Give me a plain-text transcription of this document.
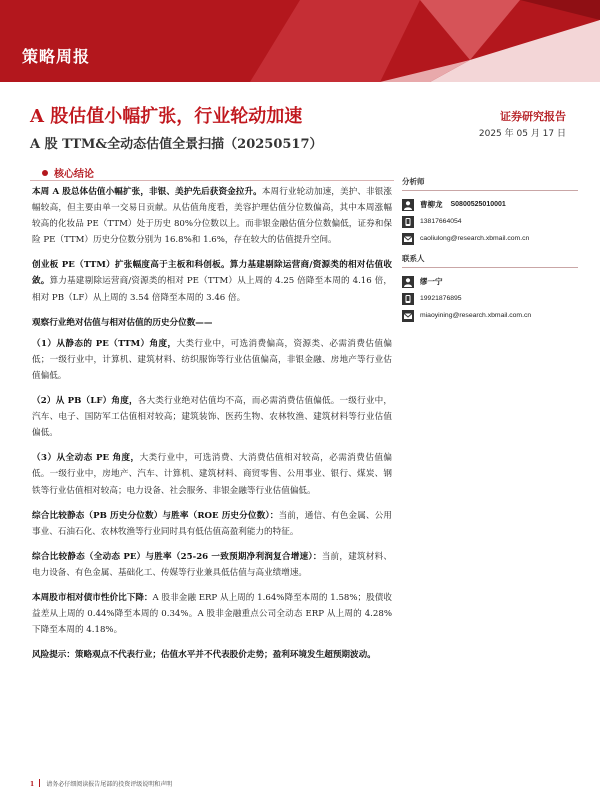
策略周报
A 股估值小幅扩张，行业轮动加速
A 股 TTM&全动态估值全景扫描（20250517）
证券研究报告
2025 年 05 月 17 日
核心结论

本周 A 股总体估值小幅扩张，非银、美护先后获资金拉升。本周行业轮动加速，美护、非银涨幅较高，但主要由单一交易日贡献。从估值角度看，美容护理估值分位数偏高，其中本周涨幅较高的化妆品 PE（TTM）处于历史 80%分位数以上。而非银金融估值分位数偏低，证券和保险 PE（TTM）历史分位数分别为 16.8%和 1.6%，存在较大的估值提升空间。

创业板 PE（TTM）扩张幅度高于主板和科创板。算力基建剔除运营商/资源类的相对估值收敛。算力基建剔除运营商/资源类的相对 PE（TTM）从上周的 4.25 倍降至本周的 4.16 倍，相对 PB（LF）从上周的 3.54 倍降至本周的 3.46 倍。

观察行业绝对估值与相对估值的历史分位数——

（1）从静态的 PE（TTM）角度，大类行业中，可选消费偏高，资源类、必需消费估值偏低；一级行业中，计算机、建筑材料、纺织服饰等行业估值偏高，非银金融、房地产等行业估值偏低。

（2）从 PB（LF）角度，各大类行业绝对估值均不高，而必需消费估值偏低。一级行业中，汽车、电子、国防军工估值相对较高；建筑装饰、医药生物、农林牧渔、建筑材料等行业估值偏低。

（3）从全动态 PE 角度，大类行业中，可选消费、大消费估值相对较高，必需消费估值偏低。一级行业中，房地产、汽车、计算机、建筑材料、商贸零售、公用事业、银行、煤炭、钢铁等行业估值相对较高；电力设备、社会服务、非银金融等行业估值偏低。

综合比较静态（PB 历史分位数）与胜率（ROE 历史分位数）：当前，通信、有色金属、公用事业、石油石化、农林牧渔等行业同时具有低估值高盈利能力的特征。

综合比较静态（全动态 PE）与胜率（25-26 一致预期净利润复合增速）：当前，建筑材料、电力设备、有色金属、基础化工、传媒等行业兼具低估值与高业绩增速。

本周股市相对债市性价比下降：A 股非金融 ERP 从上周的 1.64%降至本周的 1.58%；股债收益差从上周的 0.44%降至本周的 0.34%。A 股非金融重点公司全动态 ERP 从上周的 4.28%下降至本周的 4.18%。

风险提示：策略观点不代表行业；估值水平并不代表股价走势；盈利环境发生超预期波动。

分析师
曹柳龙 S0800525010001
13817664054
caoliulong@research.xbmail.com.cn
联系人
缪一宁
19921876895
miaoyining@research.xbmail.com.cn
1 请务必仔细阅读报告尾部的投资评级说明和声明
